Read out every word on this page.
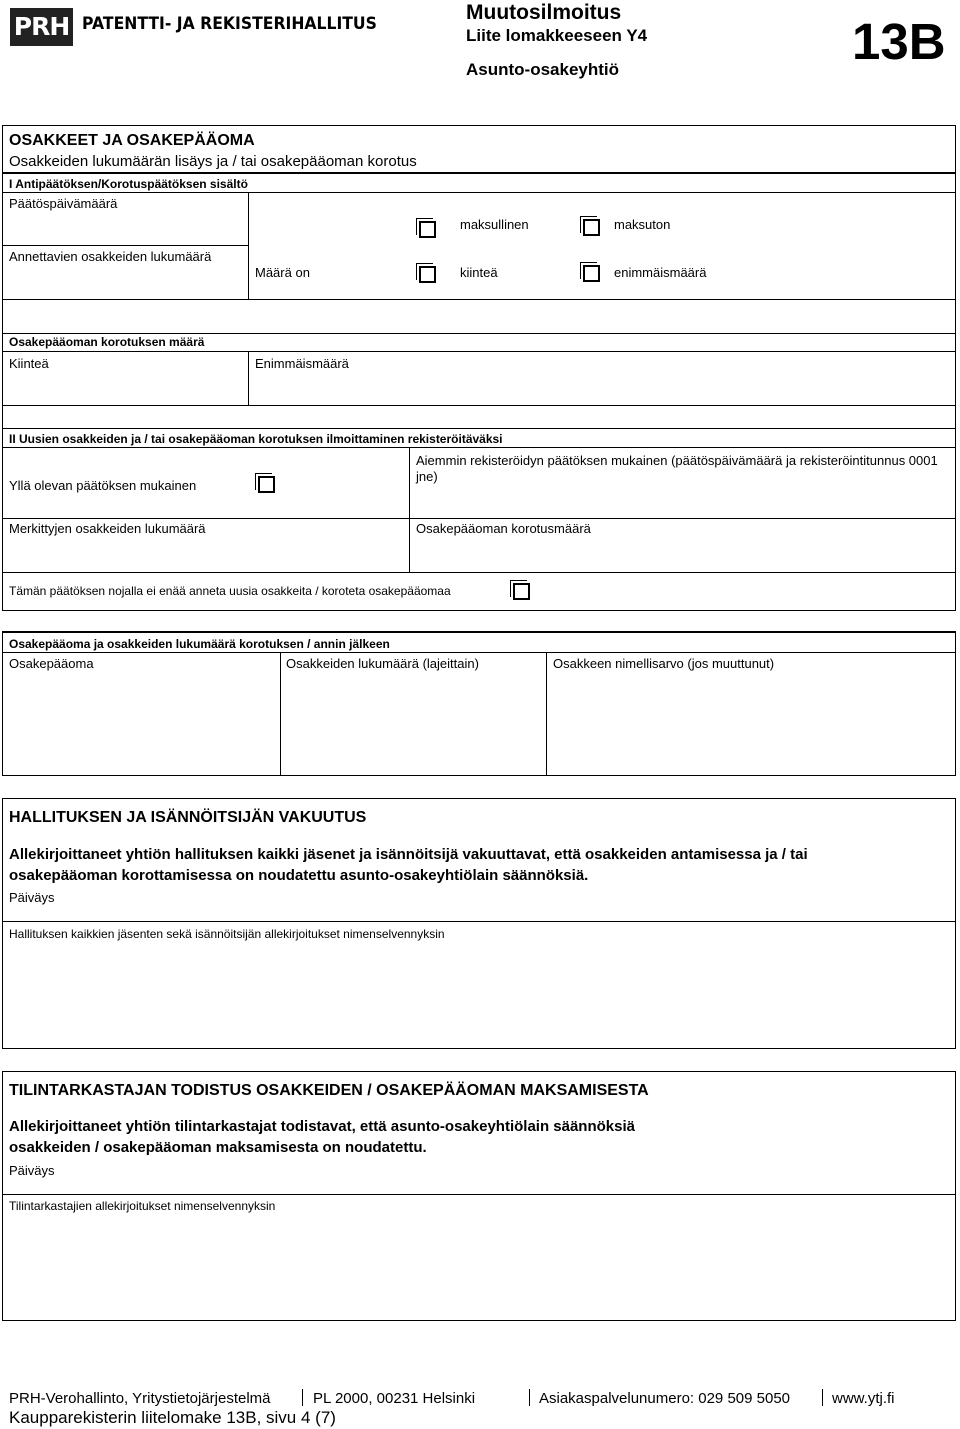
PRH PATENTTI- JA REKISTERIHALLITUS	Muutosilmoitus
Liite lomakkeeseen Y4
Asunto-osakeyhtiö	13B
OSAKKEET JA OSAKEPÄÄOMA
Osakkeiden lukumäärän lisäys ja / tai osakepääoman korotus
I Antipäätöksen/Korotuspäätöksen sisältö
Päätöspäivämäärä
maksullinen	maksuton
Annettavien osakkeiden lukumäärä
Määrä on	kiinteä	enimmäismäärä
Osakepääoman korotuksen määrä
Kiinteä	Enimmäismäärä
II Uusien osakkeiden ja / tai osakepääoman korotuksen ilmoittaminen rekisteröitäväksi
Yllä olevan päätöksen mukainen
Aiemmin rekisteröidyn päätöksen mukainen (päätöspäivämäärä ja rekisteröintitunnus 0001
jne)
Merkittyjen osakkeiden lukumäärä	Osakepääoman korotusmäärä
Tämän päätöksen nojalla ei enää anneta uusia osakkeita / koroteta osakepääomaa
Osakepääoma ja osakkeiden lukumäärä korotuksen / annin jälkeen
Osakepääoma	Osakkeiden lukumäärä (lajeittain)	Osakkeen nimellisarvo (jos muuttunut)
HALLITUKSEN JA ISÄNNÖITSIJÄN VAKUUTUS
Allekirjoittaneet yhtiön hallituksen kaikki jäsenet ja isännöitsijä vakuuttavat, että osakkeiden antamisessa ja / tai
osakepääoman korottamisessa on noudatettu asunto-osakeyhtiölain säännöksiä.
Päiväys
Hallituksen kaikkien jäsenten sekä isännöitsijän allekirjoitukset nimenselvennyksin
TILINTARKASTAJAN TODISTUS OSAKKEIDEN / OSAKEPÄÄOMAN MAKSAMISESTA
Allekirjoittaneet yhtiön tilintarkastajat todistavat, että asunto-osakeyhtiölain säännöksiä
osakkeiden / osakepääoman maksamisesta on noudatettu.
Päiväys
Tilintarkastajien allekirjoitukset nimenselvennyksin
PRH-Verohallinto, Yritystietojärjestelmä	PL 2000, 00231 Helsinki	Asiakaspalvelunumero: 029 509 5050	www.ytj.fi
Kaupparekisterin liitelomake 13B, sivu 4 (7)
